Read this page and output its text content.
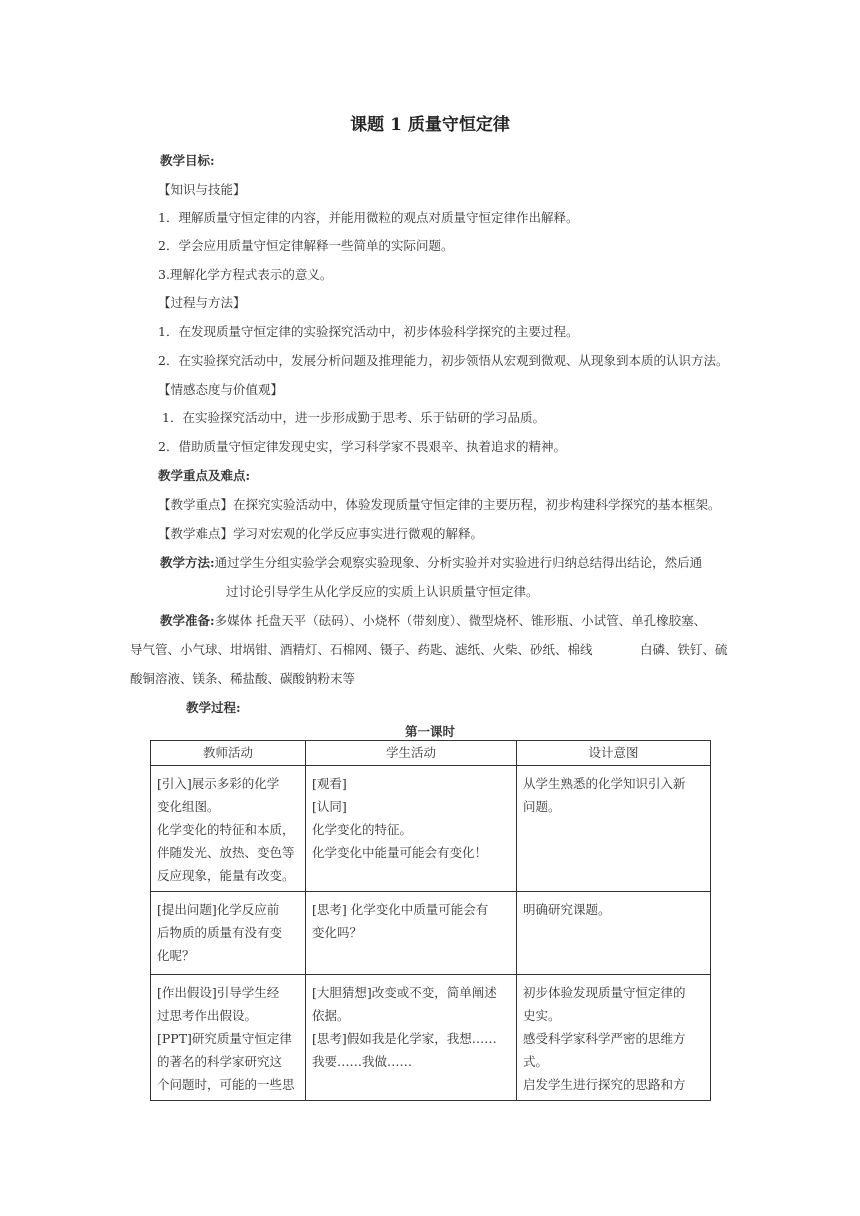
课题 1 质量守恒定律
教学目标:
【知识与技能】
1．理解质量守恒定律的内容，并能用微粒的观点对质量守恒定律作出解释。
2．学会应用质量守恒定律解释一些简单的实际问题。
3.理解化学方程式表示的意义。
【过程与方法】
1．在发现质量守恒定律的实验探究活动中，初步体验科学探究的主要过程。
2．在实验探究活动中，发展分析问题及推理能力，初步领悟从宏观到微观、从现象到本质的认识方法。
【情感态度与价值观】
1．在实验探究活动中，进一步形成勤于思考、乐于钻研的学习品质。
2．借助质量守恒定律发现史实，学习科学家不畏艰辛、执着追求的精神。
教学重点及难点:
【教学重点】在探究实验活动中，体验发现质量守恒定律的主要历程，初步构建科学探究的基本框架。
【教学难点】学习对宏观的化学反应事实进行微观的解释。
教学方法:通过学生分组实验学会观察实验现象、分析实验并对实验进行归纳总结得出结论，然后通
过讨论引导学生从化学反应的实质上认识质量守恒定律。
教学准备:多媒体 托盘天平（砝码）、小烧杯（带刻度）、微型烧杯、锥形瓶、小试管、单孔橡胶塞、
导气管、小气球、坩埚钳、酒精灯、石棉网、镊子、药匙、滤纸、火柴、砂纸、棉线	白磷、铁钉、硫
酸铜溶液、镁条、稀盐酸、碳酸钠粉末等
教学过程:
第一课时
教师活动	学生活动	设计意图

[引入]展示多彩的化学
变化组图。
化学变化的特征和本质，
伴随发光、放热、变色等
反应现象，能量有改变。	[观看]
[认同]
化学变化的特征。
化学变化中能量可能会有变化！	从学生熟悉的化学知识引入新
问题。

[提出问题]化学反应前
后物质的质量有没有变
化呢？	[思考] 化学变化中质量可能会有
变化吗？	明确研究课题。

[作出假设]引导学生经
过思考作出假设。
[PPT]研究质量守恒定律
的著名的科学家研究这
个问题时，可能的一些思	[大胆猜想]改变或不变，简单阐述
依据。
[思考]假如我是化学家，我想……
我要……我做……	初步体验发现质量守恒定律的
史实。
感受科学家科学严密的思维方
式。
启发学生进行探究的思路和方
